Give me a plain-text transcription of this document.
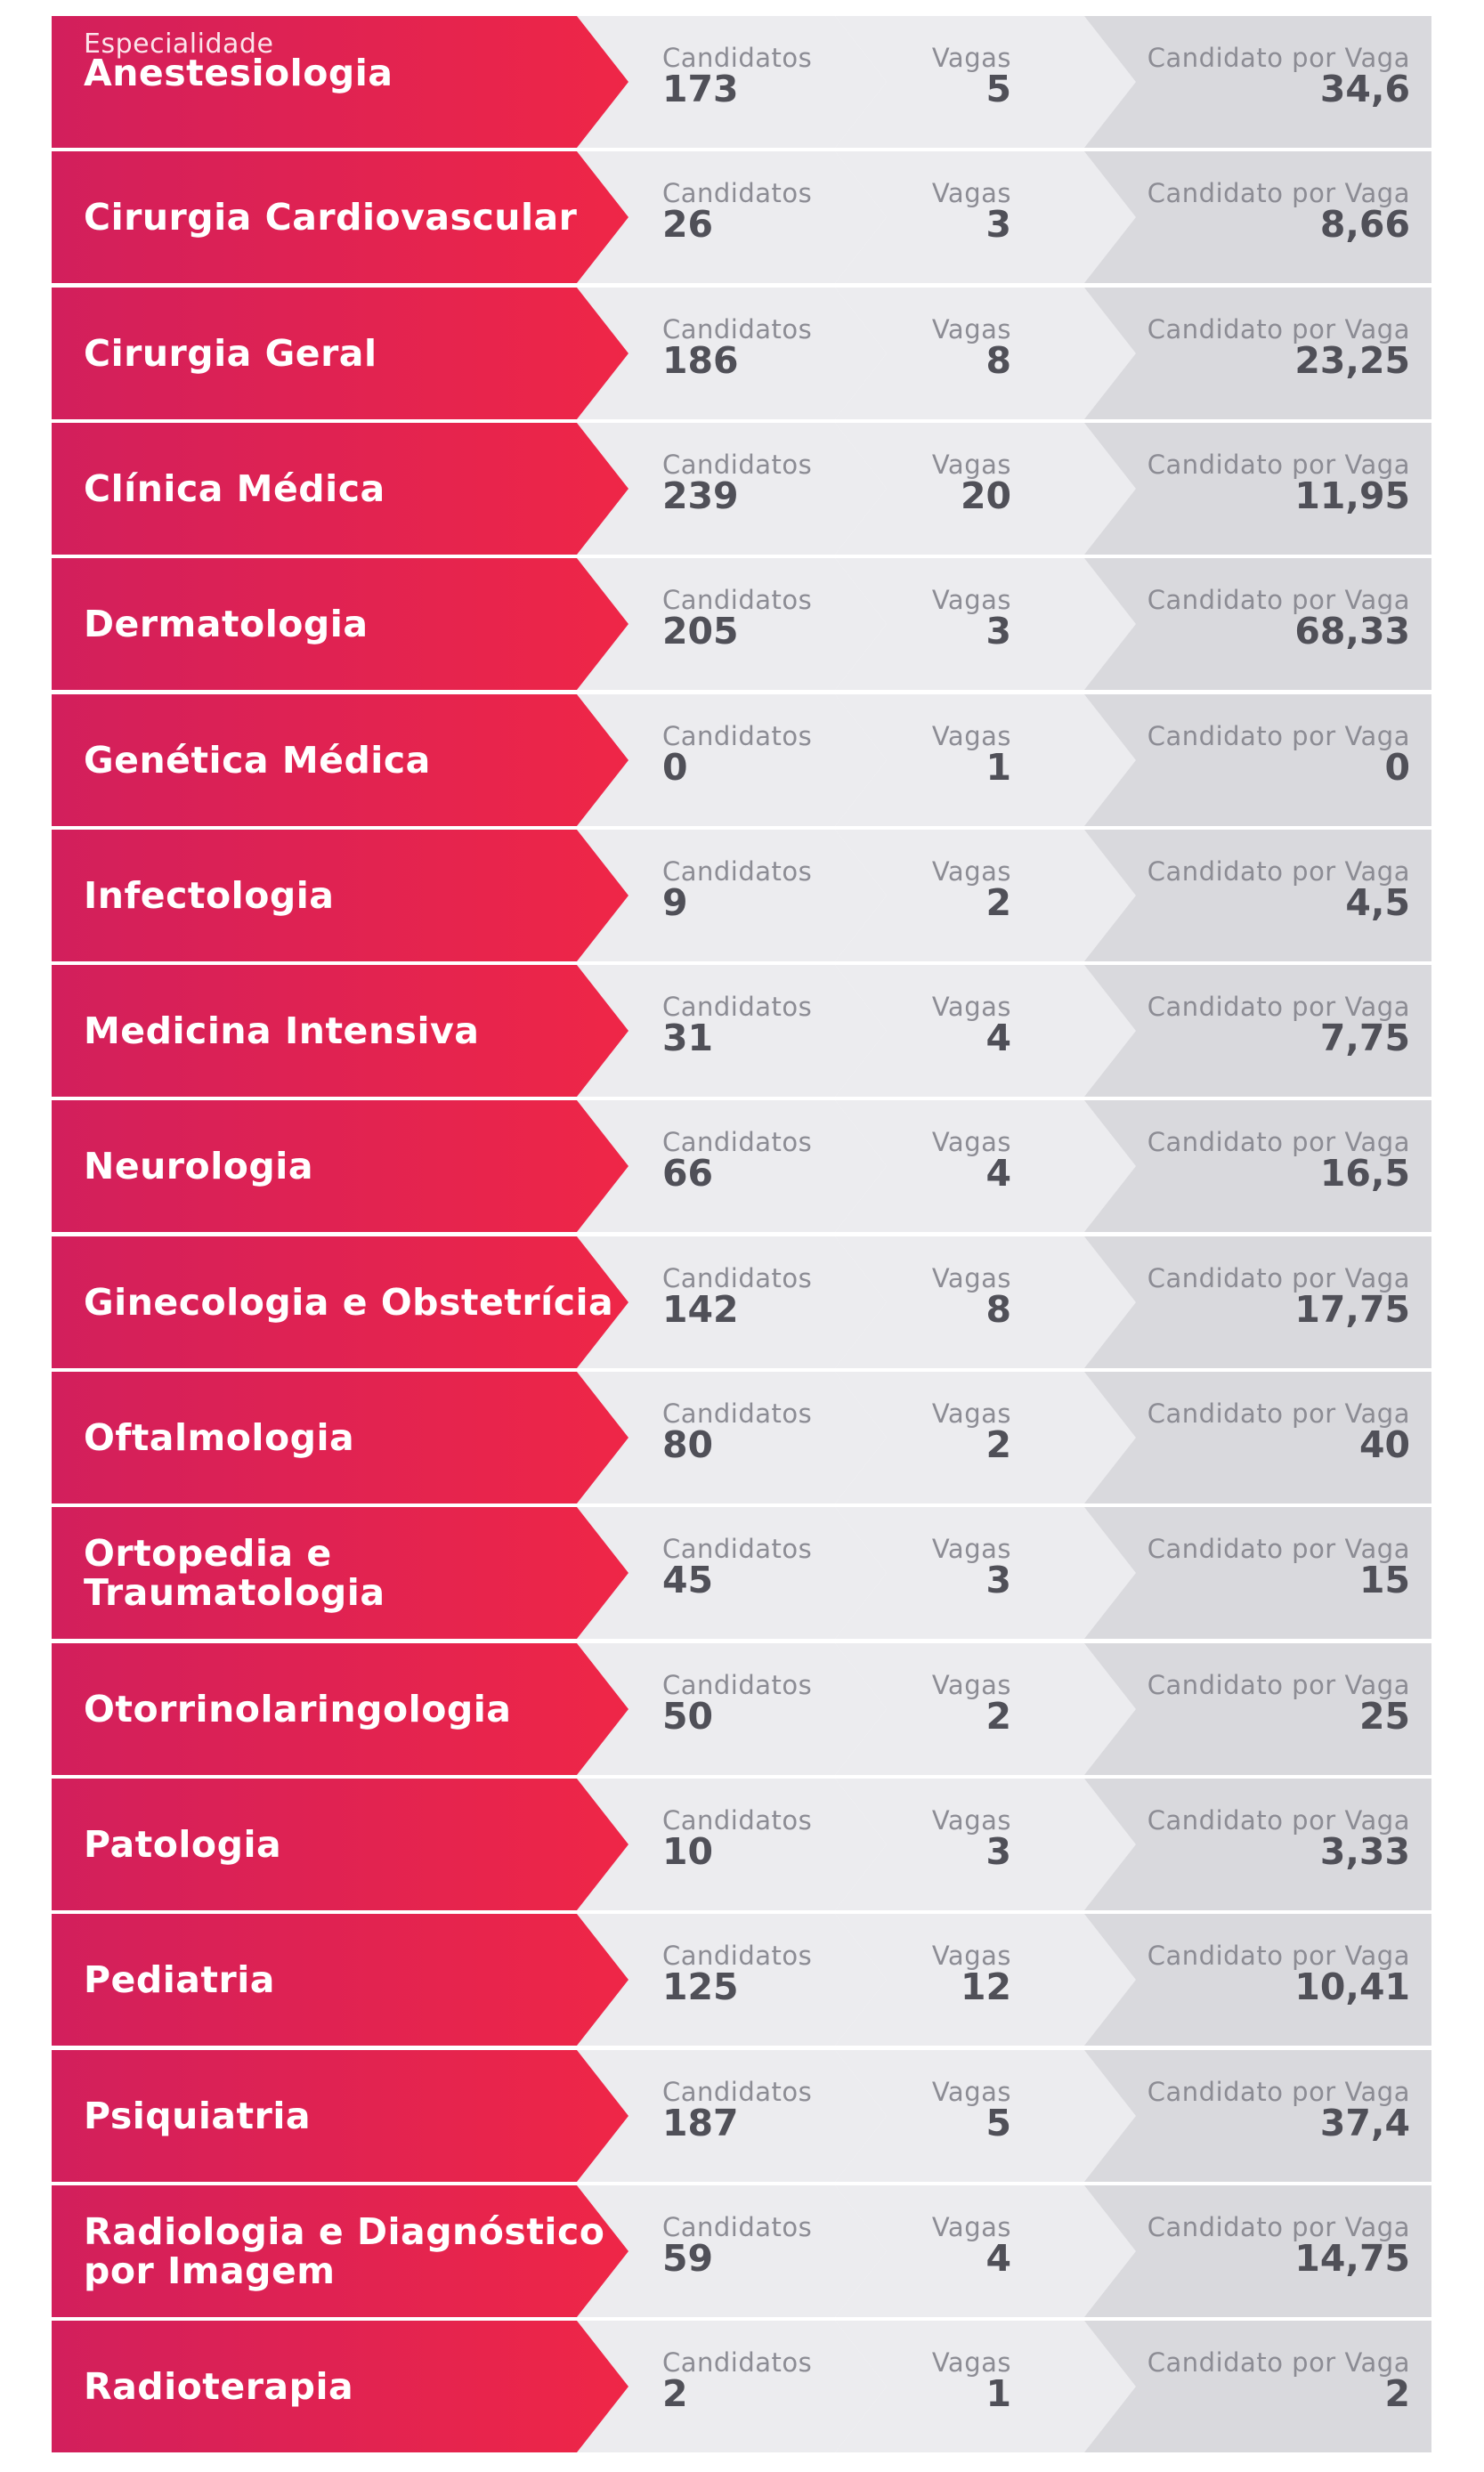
Especialidade
Anestesiologia	Candidatos
173
Vagas
5
Candidato por Vaga
34,6
Cirurgia Cardiovascular
Candidatos
26
Vagas
3
Candidato por Vaga
8,66
Cirurgia Geral
Candidatos
186
Vagas
8
Candidato por Vaga
23,25
Clínica Médica
Candidatos
239
Vagas
20
Candidato por Vaga
11,95
Dermatologia
Candidatos
205
Vagas
3
Candidato por Vaga
68,33
Genética Médica
Candidatos
0
Vagas
1
Candidato por Vaga
0
Infectologia
Candidatos
9
Vagas
2
Candidato por Vaga
4,5
Medicina Intensiva
Candidatos
31
Vagas
4
Candidato por Vaga
7,75
Neurologia
Candidatos
66
Vagas
4
Candidato por Vaga
16,5
Ginecologia e Obstetrícia
Candidatos
142
Vagas
8
Candidato por Vaga
17,75
Oftalmologia
Candidatos
80
Vagas
2
Candidato por Vaga
40
Ortopedia e
Traumatologia
Candidatos
45
Vagas
3
Candidato por Vaga
15
Otorrinolaringologia
Candidatos
50
Vagas
2
Candidato por Vaga
25
Patologia
Candidatos
10
Vagas
3
Candidato por Vaga
3,33
Pediatria
Candidatos
125
Vagas
12
Candidato por Vaga
10,41
Psiquiatria
Candidatos
187
Vagas
5
Candidato por Vaga
37,4
Radiologia e Diagnóstico
por Imagem
Candidatos
59
Vagas
4
Candidato por Vaga
14,75
Radioterapia
Candidatos
2
Vagas
1
Candidato por Vaga
2
